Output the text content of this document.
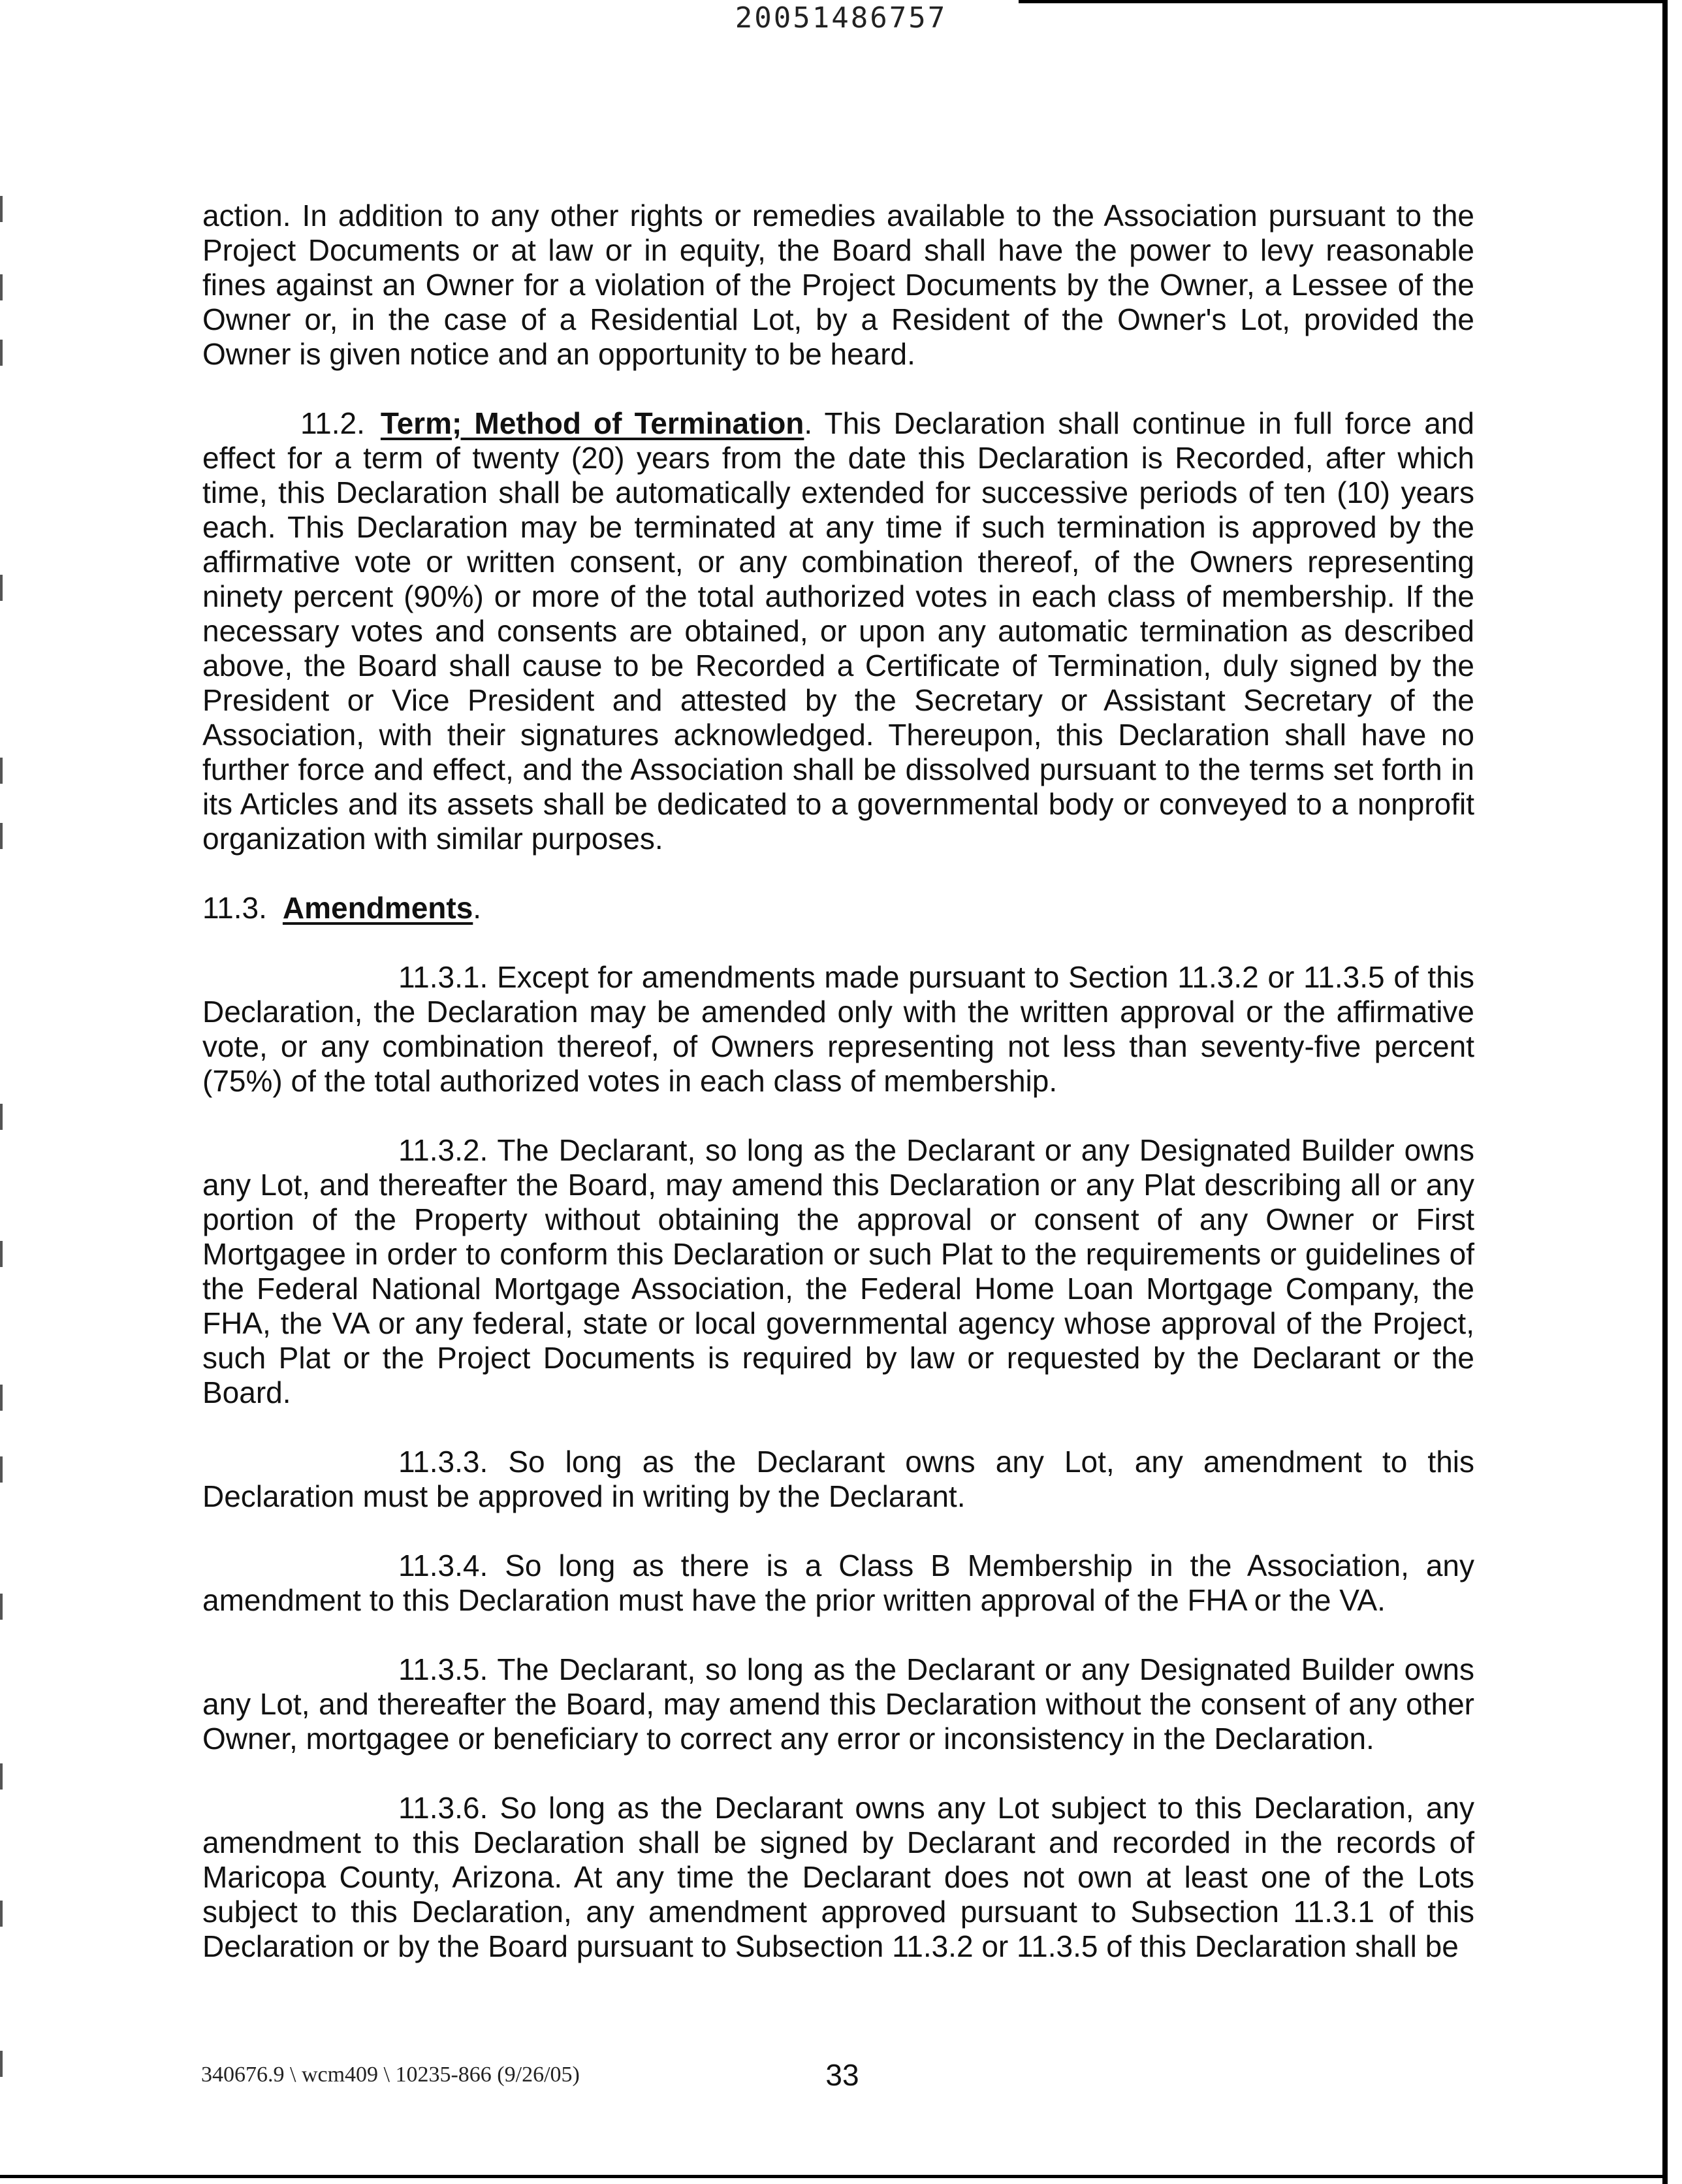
20051486757

action. In addition to any other rights or remedies available to the Association pursuant to the Project Documents or at law or in equity, the Board shall have the power to levy reasonable fines against an Owner for a violation of the Project Documents by the Owner, a Lessee of the Owner or, in the case of a Residential Lot, by a Resident of the Owner's Lot, provided the Owner is given notice and an opportunity to be heard.

11.2. Term; Method of Termination. This Declaration shall continue in full force and effect for a term of twenty (20) years from the date this Declaration is Recorded, after which time, this Declaration shall be automatically extended for successive periods of ten (10) years each. This Declaration may be terminated at any time if such termination is approved by the affirmative vote or written consent, or any combination thereof, of the Owners representing ninety percent (90%) or more of the total authorized votes in each class of membership. If the necessary votes and consents are obtained, or upon any automatic termination as described above, the Board shall cause to be Recorded a Certificate of Termination, duly signed by the President or Vice President and attested by the Secretary or Assistant Secretary of the Association, with their signatures acknowledged. Thereupon, this Declaration shall have no further force and effect, and the Association shall be dissolved pursuant to the terms set forth in its Articles and its assets shall be dedicated to a governmental body or conveyed to a nonprofit organization with similar purposes.

11.3. Amendments.

11.3.1. Except for amendments made pursuant to Section 11.3.2 or 11.3.5 of this Declaration, the Declaration may be amended only with the written approval or the affirmative vote, or any combination thereof, of Owners representing not less than seventy-five percent (75%) of the total authorized votes in each class of membership.

11.3.2. The Declarant, so long as the Declarant or any Designated Builder owns any Lot, and thereafter the Board, may amend this Declaration or any Plat describing all or any portion of the Property without obtaining the approval or consent of any Owner or First Mortgagee in order to conform this Declaration or such Plat to the requirements or guidelines of the Federal National Mortgage Association, the Federal Home Loan Mortgage Company, the FHA, the VA or any federal, state or local governmental agency whose approval of the Project, such Plat or the Project Documents is required by law or requested by the Declarant or the Board.

11.3.3. So long as the Declarant owns any Lot, any amendment to this Declaration must be approved in writing by the Declarant.

11.3.4. So long as there is a Class B Membership in the Association, any amendment to this Declaration must have the prior written approval of the FHA or the VA.

11.3.5. The Declarant, so long as the Declarant or any Designated Builder owns any Lot, and thereafter the Board, may amend this Declaration without the consent of any other Owner, mortgagee or beneficiary to correct any error or inconsistency in the Declaration.

11.3.6. So long as the Declarant owns any Lot subject to this Declaration, any amendment to this Declaration shall be signed by Declarant and recorded in the records of Maricopa County, Arizona. At any time the Declarant does not own at least one of the Lots subject to this Declaration, any amendment approved pursuant to Subsection 11.3.1 of this Declaration or by the Board pursuant to Subsection 11.3.2 or 11.3.5 of this Declaration shall be

340676.9 \ wcm409 \ 10235-866 (9/26/05)	33
